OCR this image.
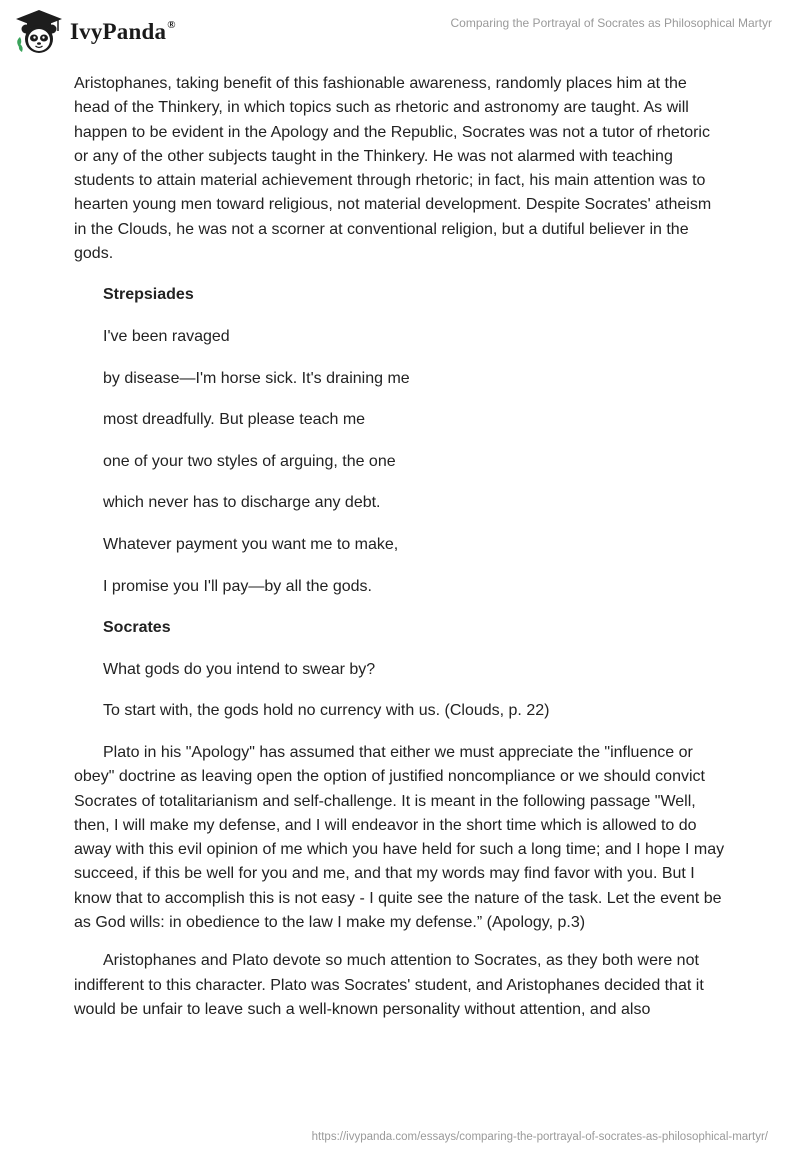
IvyPanda®	Comparing the Portrayal of Socrates as Philosophical Martyr

Aristophanes, taking benefit of this fashionable awareness, randomly places him at the head of the Thinkery, in which topics such as rhetoric and astronomy are taught. As will happen to be evident in the Apology and the Republic, Socrates was not a tutor of rhetoric or any of the other subjects taught in the Thinkery. He was not alarmed with teaching students to attain material achievement through rhetoric; in fact, his main attention was to hearten young men toward religious, not material development. Despite Socrates' atheism in the Clouds, he was not a scorner at conventional religion, but a dutiful believer in the gods.

Strepsiades
I've been ravaged
by disease—I'm horse sick. It's draining me
most dreadfully. But please teach me
one of your two styles of arguing, the one
which never has to discharge any debt.
Whatever payment you want me to make,
I promise you I'll pay—by all the gods.
Socrates
What gods do you intend to swear by?
To start with, the gods hold no currency with us. (Clouds, p. 22)

Plato in his "Apology" has assumed that either we must appreciate the "influence or obey" doctrine as leaving open the option of justified noncompliance or we should convict Socrates of totalitarianism and self-challenge. It is meant in the following passage "Well, then, I will make my defense, and I will endeavor in the short time which is allowed to do away with this evil opinion of me which you have held for such a long time; and I hope I may succeed, if this be well for you and me, and that my words may find favor with you. But I know that to accomplish this is not easy - I quite see the nature of the task. Let the event be as God wills: in obedience to the law I make my defense.” (Apology, p.3)

Aristophanes and Plato devote so much attention to Socrates, as they both were not indifferent to this character. Plato was Socrates' student, and Aristophanes decided that it would be unfair to leave such a well-known personality without attention, and also

https://ivypanda.com/essays/comparing-the-portrayal-of-socrates-as-philosophical-martyr/
